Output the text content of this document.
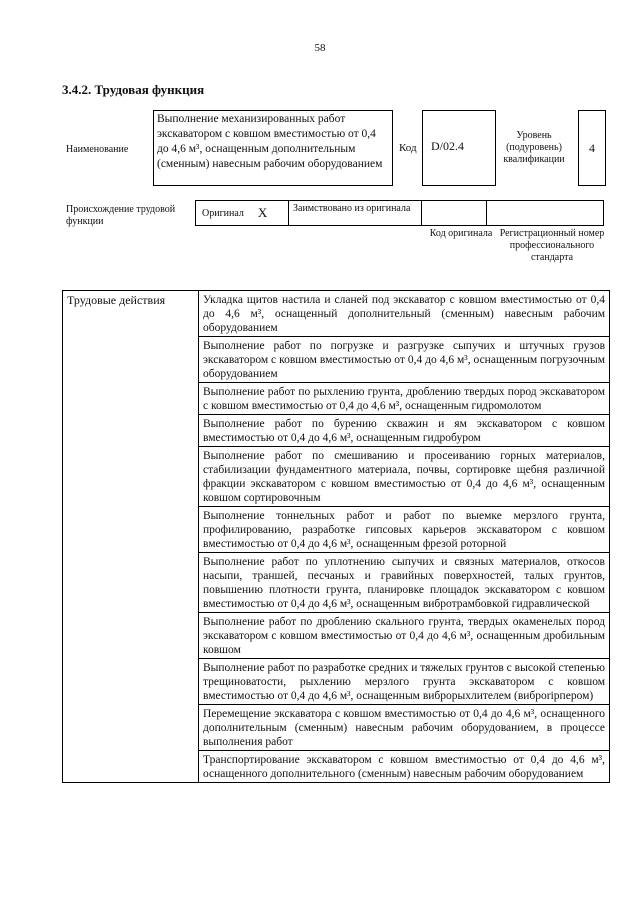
58
3.4.2. Трудовая функция
Наименование
Выполнение механизированных работ экскаватором с ковшом вместимостью от 0,4 до 4,6 м³, оснащенным дополнительным (сменным) навесным рабочим оборудованием
Код	D/02.4
Уровень (подуровень) квалификации
4
Происхождение трудовой функции
Оригинал X	Заимствовано из оригинала
Код оригинала Регистрационный номер профессионального стандарта
Трудовые действия	Укладка щитов настила и сланей под экскаватор с ковшом вместимостью от 0,4 до 4,6 м³, оснащенный дополнительный (сменным) навесным рабочим оборудованием
Выполнение работ по погрузке и разгрузке сыпучих и штучных грузов экскаватором с ковшом вместимостью от 0,4 до 4,6 м³, оснащенным погрузочным оборудованием
Выполнение работ по рыхлению грунта, дроблению твердых пород экскаватором с ковшом вместимостью от 0,4 до 4,6 м³, оснащенным гидромолотом
Выполнение работ по бурению скважин и ям экскаватором с ковшом вместимостью от 0,4 до 4,6 м³, оснащенным гидробуром
Выполнение работ по смешиванию и просеиванию горных материалов, стабилизации фундаментного материала, почвы, сортировке щебня различной фракции экскаватором с ковшом вместимостью от 0,4 до 4,6 м³, оснащенным ковшом сортировочным
Выполнение тоннельных работ и работ по выемке мерзлого грунта, профилированию, разработке гипсовых карьеров экскаватором с ковшом вместимостью от 0,4 до 4,6 м³, оснащенным фрезой роторной
Выполнение работ по уплотнению сыпучих и связных материалов, откосов насыпи, траншей, песчаных и гравийных поверхностей, талых грунтов, повышению плотности грунта, планировке площадок экскаватором с ковшом вместимостью от 0,4 до 4,6 м³, оснащенным вибротрамбовкой гидравлической
Выполнение работ по дроблению скального грунта, твердых окаменелых пород экскаватором с ковшом вместимостью от 0,4 до 4,6 м³, оснащенным дробильным ковшом
Выполнение работ по разработке средних и тяжелых грунтов с высокой степенью трещиноватости, рыхлению мерзлого грунта экскаватором с ковшом вместимостью от 0,4 до 4,6 м³, оснащенным виброрыхлителем (виброripпером)
Перемещение экскаватора с ковшом вместимостью от 0,4 до 4,6 м³, оснащенного дополнительным (сменным) навесным рабочим оборудованием, в процессе выполнения работ
Транспортирование экскаватором с ковшом вместимостью от 0,4 до 4,6 м³, оснащенного дополнительного (сменным) навесным рабочим оборудованием
